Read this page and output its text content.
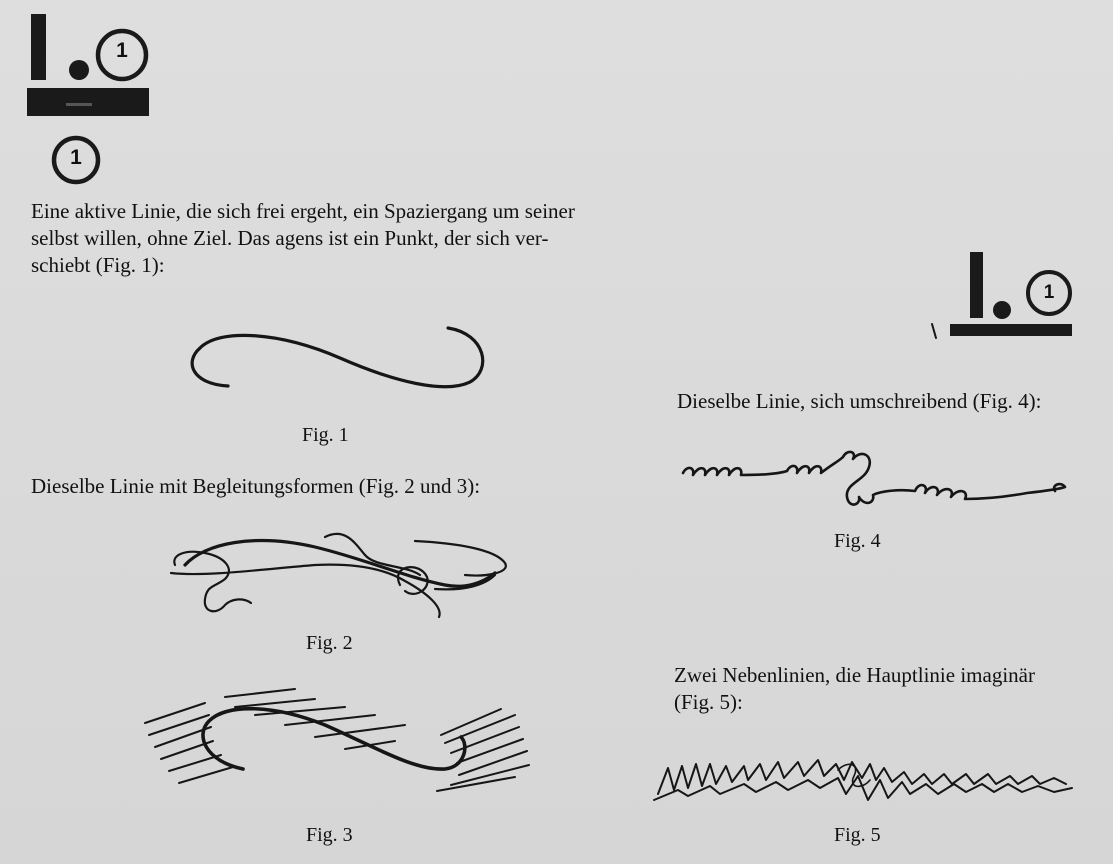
1
1
Eine aktive Linie, die sich frei ergeht, ein Spaziergang um seiner
selbst willen, ohne Ziel. Das agens ist ein Punkt, der sich ver-
schiebt (Fig. 1):
Fig. 1
Dieselbe Linie mit Begleitungsformen (Fig. 2 und 3):
Fig. 2
Fig. 3
1
Dieselbe Linie, sich umschreibend (Fig. 4):
Fig. 4
Zwei Nebenlinien, die Hauptlinie imaginär
(Fig. 5):
Fig. 5
